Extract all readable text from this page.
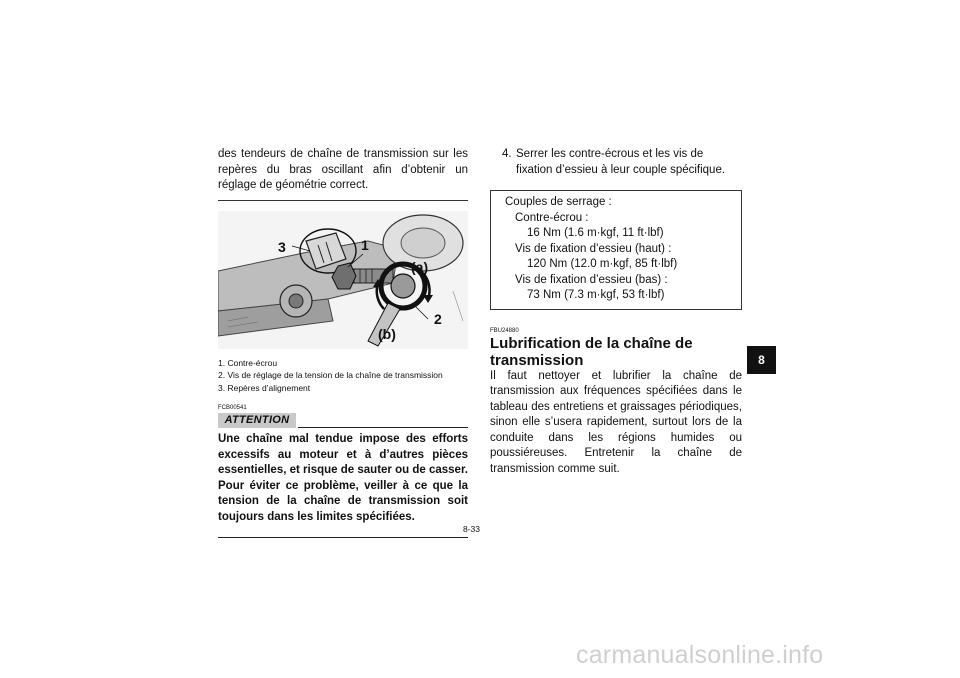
des tendeurs de chaîne de transmission sur les repères du bras oscillant afin d’obtenir un réglage de géométrie correct.

3	1
(a)
2
(b)
1. Contre-écrou
2. Vis de réglage de la tension de la chaîne de transmission
3. Repères d’alignement
FCB00541
ATTENTION

Une chaîne mal tendue impose des efforts excessifs au moteur et à d’autres pièces essentielles, et risque de sauter ou de casser. Pour éviter ce problème, veiller à ce que la tension de la chaîne de transmission soit toujours dans les limites spécifiées.

4. Serrer les contre-écrous et les vis de fixation d’essieu à leur couple spécifique.
Couples de serrage :
Contre-écrou :
16 Nm (1.6 m·kgf, 11 ft·lbf)
Vis de fixation d’essieu (haut) :
120 Nm (12.0 m·kgf, 85 ft·lbf)
Vis de fixation d’essieu (bas) :
73 Nm (7.3 m·kgf, 53 ft·lbf)
FBU24880
Lubrification de la chaîne de transmission

Il faut nettoyer et lubrifier la chaîne de transmission aux fréquences spécifiées dans le tableau des entretiens et graissages périodiques, sinon elle s’usera rapidement, surtout lors de la conduite dans les régions humides ou poussiéreuses. Entretenir la chaîne de transmission comme suit.

8-33
8
carmanualsonline.info
